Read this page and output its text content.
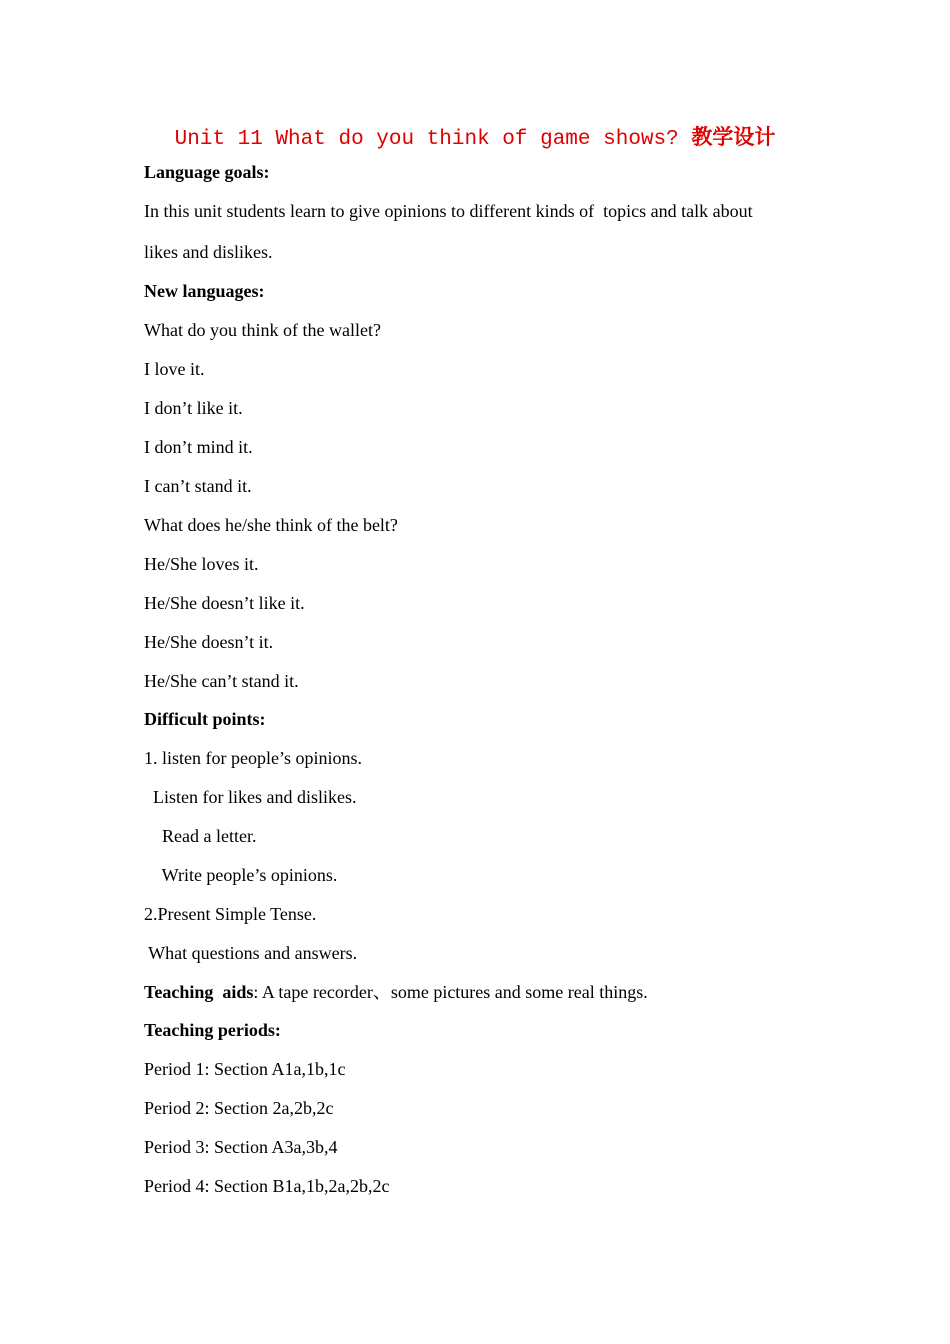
Unit 11 What do you think of game shows? 教学设计
Language goals:
In this unit students learn to give opinions to different kinds of  topics and talk about
likes and dislikes.
New languages:
What do you think of the wallet?
I love it.
I don’t like it.
I don’t mind it.
I can’t stand it.
What does he/she think of the belt?
He/She loves it.
He/She doesn’t like it.
He/She doesn’t it.
He/She can’t stand it.
Difficult points:
1. listen for people’s opinions.
Listen for likes and dislikes.
Read a letter.
Write people’s opinions.
2.Present Simple Tense.
What questions and answers.
Teaching  aids: A tape recorder、some pictures and some real things.
Teaching periods:
Period 1: Section A1a,1b,1c
Period 2: Section 2a,2b,2c
Period 3: Section A3a,3b,4
Period 4: Section B1a,1b,2a,2b,2c
